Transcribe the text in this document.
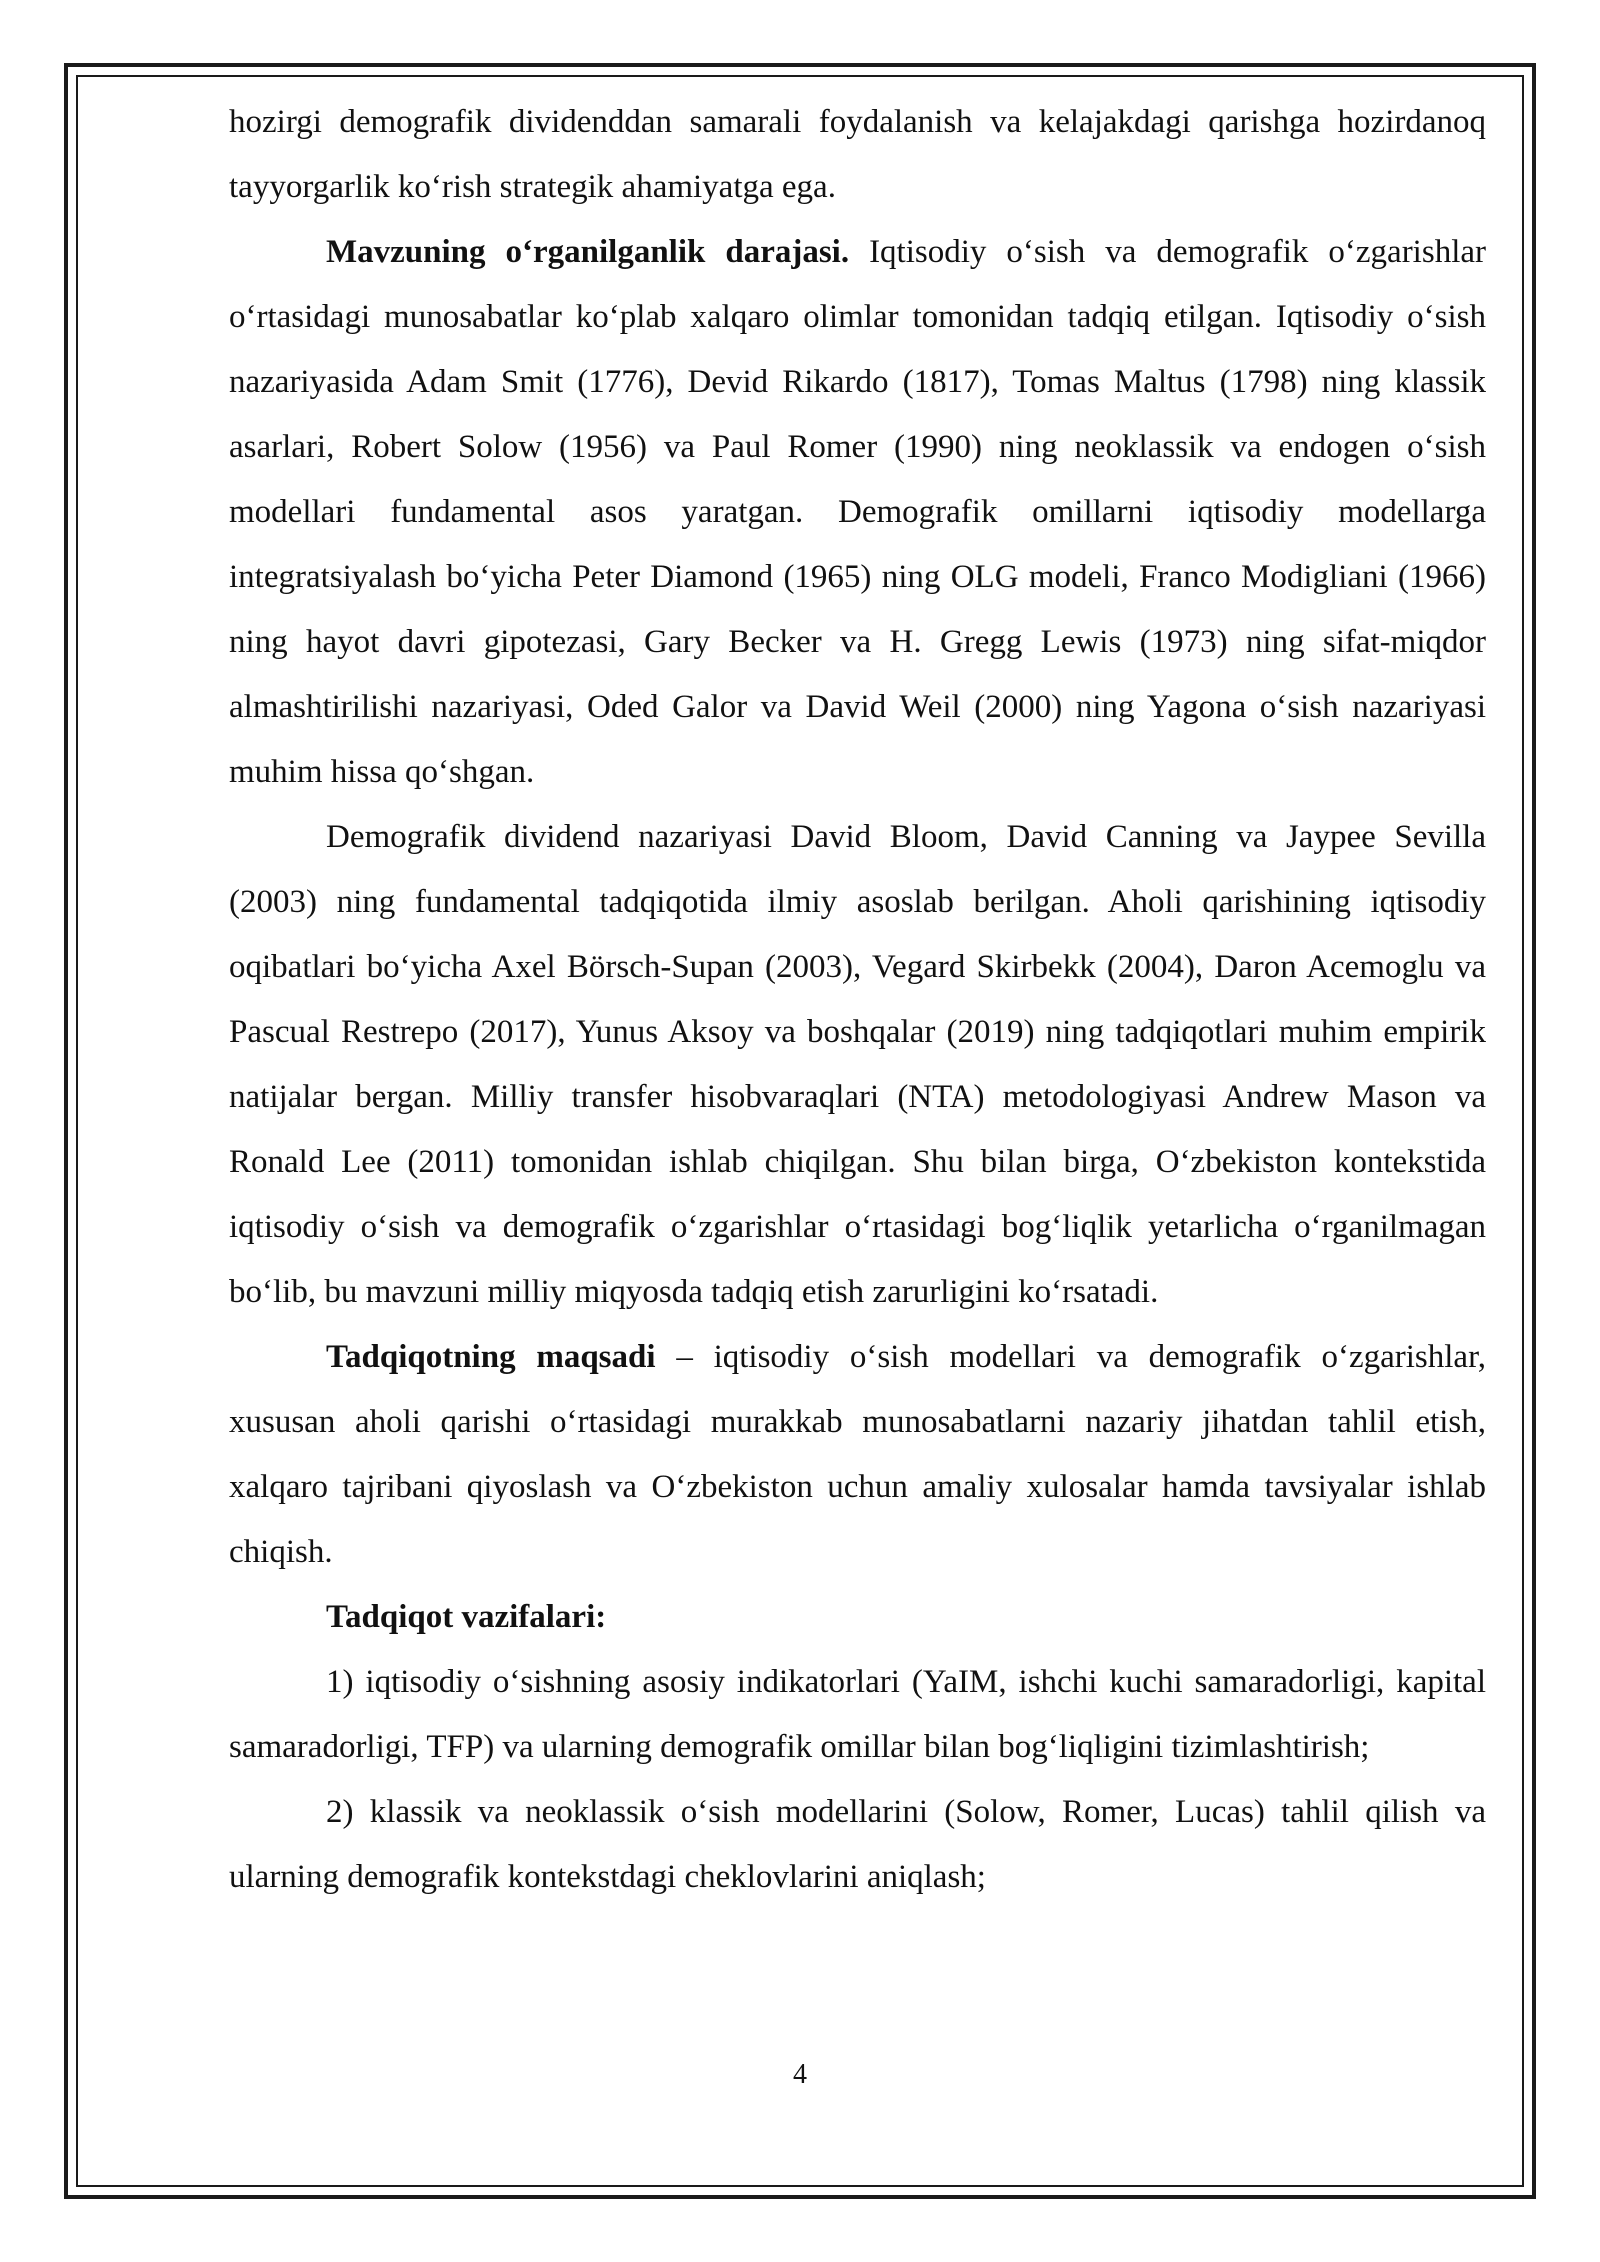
hozirgi demografik dividenddan samarali foydalanish va kelajakdagi qarishga hozirdanoq tayyorgarlik koʻrish strategik ahamiyatga ega.

Mavzuning oʻrganilganlik darajasi. Iqtisodiy oʻsish va demografik oʻzgarishlar oʻrtasidagi munosabatlar koʻplab xalqaro olimlar tomonidan tadqiq etilgan. Iqtisodiy oʻsish nazariyasida Adam Smit (1776), Devid Rikardo (1817), Tomas Maltus (1798) ning klassik asarlari, Robert Solow (1956) va Paul Romer (1990) ning neoklassik va endogen oʻsish modellari fundamental asos yaratgan. Demografik omillarni iqtisodiy modellarga integratsiyalash boʻyicha Peter Diamond (1965) ning OLG modeli, Franco Modigliani (1966) ning hayot davri gipotezasi, Gary Becker va H. Gregg Lewis (1973) ning sifat-miqdor almashtirilishi nazariyasi, Oded Galor va David Weil (2000) ning Yagona oʻsish nazariyasi muhim hissa qoʻshgan.

Demografik dividend nazariyasi David Bloom, David Canning va Jaypee Sevilla (2003) ning fundamental tadqiqotida ilmiy asoslab berilgan. Aholi qarishining iqtisodiy oqibatlari boʻyicha Axel Börsch-Supan (2003), Vegard Skirbekk (2004), Daron Acemoglu va Pascual Restrepo (2017), Yunus Aksoy va boshqalar (2019) ning tadqiqotlari muhim empirik natijalar bergan. Milliy transfer hisobvaraqlari (NTA) metodologiyasi Andrew Mason va Ronald Lee (2011) tomonidan ishlab chiqilgan. Shu bilan birga, Oʻzbekiston kontekstida iqtisodiy oʻsish va demografik oʻzgarishlar oʻrtasidagi bogʻliqlik yetarlicha oʻrganilmagan boʻlib, bu mavzuni milliy miqyosda tadqiq etish zarurligini koʻrsatadi.

Tadqiqotning maqsadi – iqtisodiy oʻsish modellari va demografik oʻzgarishlar, xususan aholi qarishi oʻrtasidagi murakkab munosabatlarni nazariy jihatdan tahlil etish, xalqaro tajribani qiyoslash va Oʻzbekiston uchun amaliy xulosalar hamda tavsiyalar ishlab chiqish.

Tadqiqot vazifalari:

1) iqtisodiy oʻsishning asosiy indikatorlari (YaIM, ishchi kuchi samaradorligi, kapital samaradorligi, TFP) va ularning demografik omillar bilan bogʻliqligini tizimlashtirish;

2) klassik va neoklassik oʻsish modellarini (Solow, Romer, Lucas) tahlil qilish va ularning demografik kontekstdagi cheklovlarini aniqlash;

4
